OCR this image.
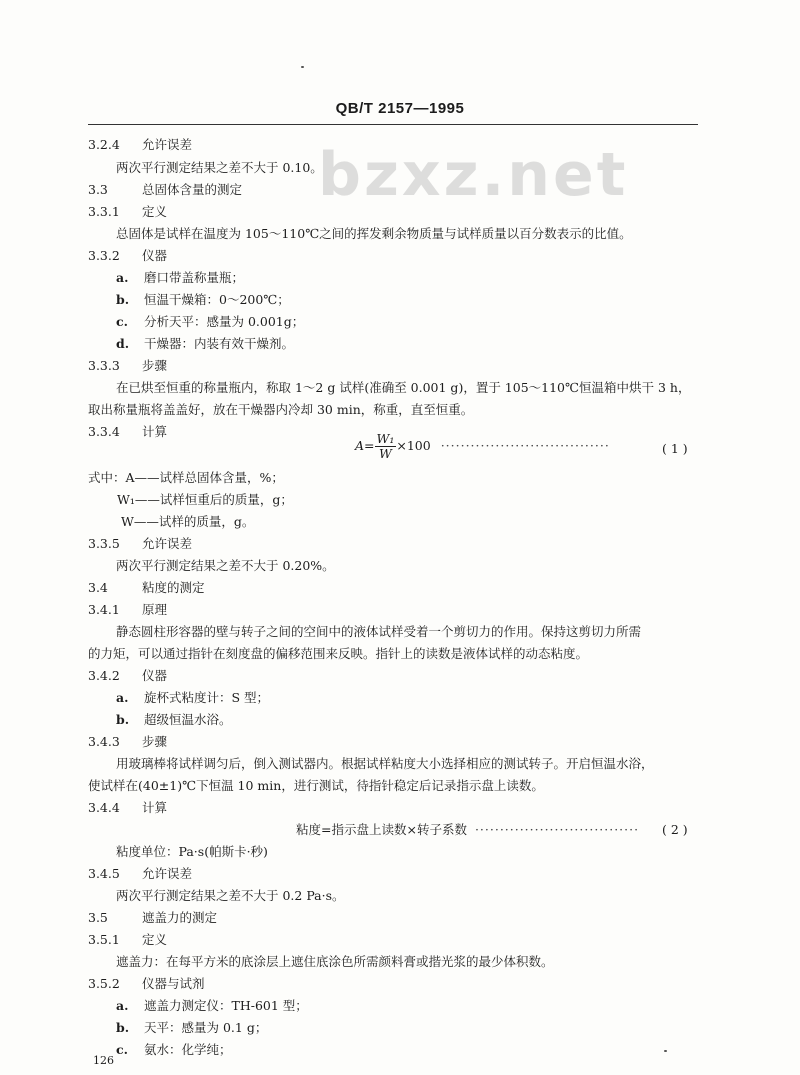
QB/T 2157—1995
bzxz.net
3.2.4 允许误差
两次平行测定结果之差不大于 0.10。
3.3	总固体含量的测定
3.3.1 定义
总固体是试样在温度为 105～110℃之间的挥发剩余物质量与试样质量以百分数表示的比值。
3.3.2 仪器
a. 磨口带盖称量瓶；
b. 恒温干燥箱：0～200℃；
c. 分析天平：感量为 0.001g；
d. 干燥器：内装有效干燥剂。
3.3.3 步骤
在已烘至恒重的称量瓶内，称取 1～2 g 试样(准确至 0.001 g)，置于 105～110℃恒温箱中烘干 3 h，
取出称量瓶将盖盖好，放在干燥器内冷却 30 min，称重，直至恒重。
3.3.4 计算
$A= \frac{\text{W₁}}{W} \times 100$ ··································	( 1 )
式中：A——试样总固体含量，%；
W₁——试样恒重后的质量，g；
W——试样的质量，g。
3.3.5 允许误差
两次平行测定结果之差不大于 0.20%。
3.4	粘度的测定
3.4.1 原理
静态圆柱形容器的壁与转子之间的空间中的液体试样受着一个剪切力的作用。保持这剪切力所需
的力矩，可以通过指针在刻度盘的偏移范围来反映。指针上的读数是液体试样的动态粘度。
3.4.2 仪器
a. 旋杯式粘度计：S 型；
b. 超级恒温水浴。
3.4.3 步骤
用玻璃棒将试样调匀后，倒入测试器内。根据试样粘度大小选择相应的测试转子。开启恒温水浴，
使试样在(40±1)℃下恒温 10 min，进行测试，待指针稳定后记录指示盘上读数。
3.4.4 计算
粘度=指示盘上读数×转子系数 ································· ( 2 )
粘度单位：Pa·s(帕斯卡·秒)
3.4.5 允许误差
两次平行测定结果之差不大于 0.2 Pa·s。
3.5	遮盖力的测定
3.5.1 定义
遮盖力：在每平方米的底涂层上遮住底涂色所需颜料膏或揩光浆的最少体积数。
3.5.2 仪器与试剂
a. 遮盖力测定仪：TH-601 型；
b. 天平：感量为 0.1 g；
c. 氨水：化学纯；
126
